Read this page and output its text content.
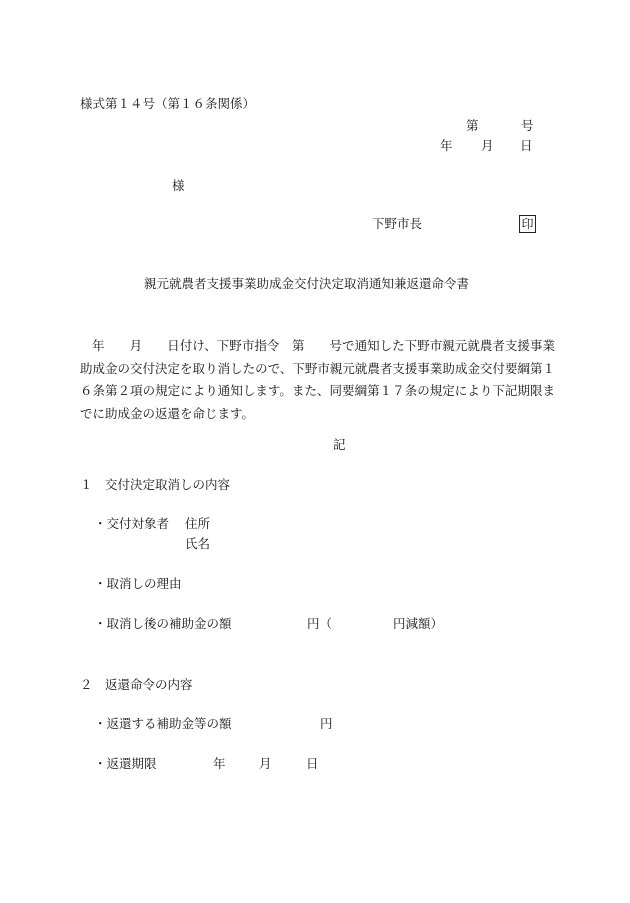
様式第１４号（第１６条関係）
第	号
年 月 日
様
下野市長	印
親元就農者支援事業助成金交付決定取消通知兼返還命令書
年　　月　　日付け、下野市指令　第　　号で通知した下野市親元就農者支援事業助成金の交付決定を取り消したので、下野市親元就農者支援事業助成金交付要綱第１６条第２項の規定により通知します。また、同要綱第１７条の規定により下記期限までに助成金の返還を命じます。
記
１　交付決定取消しの内容
・交付対象者 住所
氏名
・取消しの理由
・取消し後の補助金の額	円（	円減額）
２　返還命令の内容
・返還する補助金等の額	円
・返還期限	年	月	日
